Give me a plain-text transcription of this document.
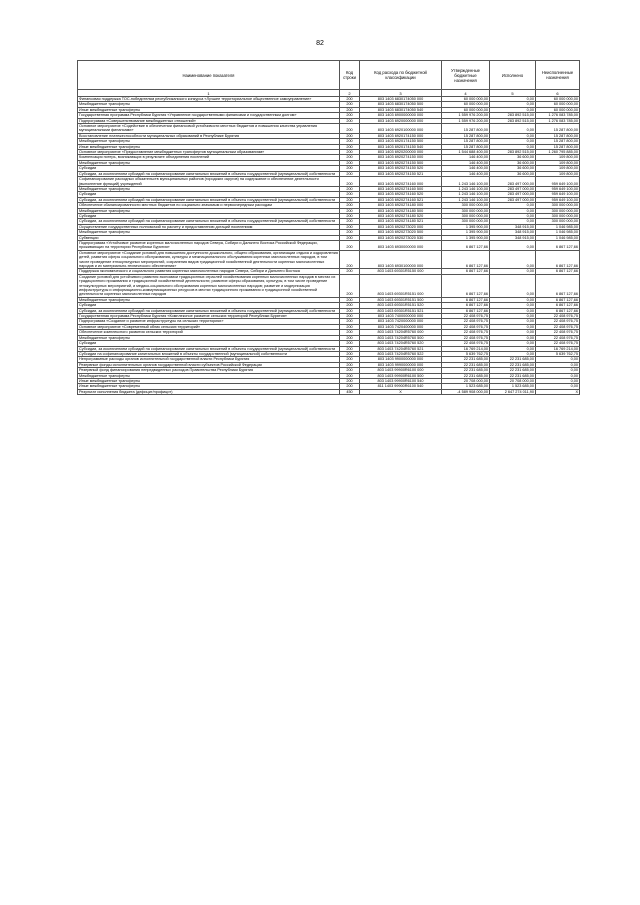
82
Наименование показателя	Код строки	Код расхода по бюджетной классификации	Утвержденные бюджетные назначения	Исполнено	Неисполненные назначения
1	2	3	4	5	6
Финансовая поддержка ТОС-победителям республиканского конкурса «Лучшее территориальное общественное самоуправление»	200	803 1403 6830174050 000	60 000 000,00	0,00	60 000 000,00
Межбюджетные трансферты	200	803 1403 6830174050 500	60 000 000,00	0,00	60 000 000,00
Иные межбюджетные трансферты	200	803 1403 6830174050 540	60 000 000,00	0,00	60 000 000,00
Государственная программа Республики Бурятия «Управление государственными финансами и государственным долгом»	200	803 1403 6900000000 000	1 559 976 200,00	283 892 515,00	1 276 083 785,00
Подпрограмма «Совершенствование межбюджетных отношений»	200	803 1403 6920000000 000	1 559 976 200,00	283 892 515,00	1 276 083 785,00
Основное мероприятие «Содействие в обеспечении финансовой устойчивости местных бюджетов и повышения качества управления муниципальными финансами»	200	803 1403 6920100000 000	15 287 800,00	0,00	15 287 800,00
Восстановление платежеспособности муниципальных образований в Республике Бурятия	200	803 1403 6920174150 000	15 287 800,00	0,00	15 287 800,00
Межбюджетные трансферты	200	803 1403 6920174150 500	15 287 800,00	0,00	15 287 800,00
Иные межбюджетные трансферты	200	803 1403 6920174150 540	15 287 800,00	0,00	15 287 800,00
Основное мероприятие «Предоставление межбюджетных трансфертов муниципальным образованиям»	200	803 1403 6920200000 000	1 544 688 400,00	283 892 515,00	1 260 795 885,00
Компенсация потерь, возникающих в результате объединения поселений	200	803 1403 6920274150 000	146 400,00	36 600,00	109 800,00
Межбюджетные трансферты	200	803 1403 6920274150 500	146 400,00	36 600,00	109 800,00
Субсидии	200	803 1403 6920274150 520	146 400,00	36 600,00	109 800,00
Субсидии, за исключением субсидий на софинансирование капитальных вложений в объекты государственной (муниципальной) собственности	200	803 1403 6920274150 521	146 400,00	36 600,00	109 800,00
Софинансирование расходных обязательств муниципальных районов (городских округов) на содержание и обеспечение деятельности (выполнение функций) учреждений	200	803 1403 6920274160 000	1 243 146 100,00	283 497 000,00	959 649 100,00
Межбюджетные трансферты	200	803 1403 6920274160 500	1 243 146 100,00	283 497 000,00	959 649 100,00
Субсидии	200	803 1403 6920274160 520	1 243 146 100,00	283 497 000,00	959 649 100,00
Субсидии, за исключением субсидий на софинансирование капитальных вложений в объекты государственной (муниципальной) собственности	200	803 1403 6920274160 521	1 243 146 100,00	283 497 000,00	959 649 100,00
Обеспечение сбалансированности местных бюджетов по социально значимым и первоочередным расходам	200	803 1403 6920274180 000	300 000 000,00	0,00	300 000 000,00
Межбюджетные трансферты	200	803 1403 6920274180 500	300 000 000,00	0,00	300 000 000,00
Субсидии	200	803 1403 6920274180 520	300 000 000,00	0,00	300 000 000,00
Субсидии, за исключением субсидий на софинансирование капитальных вложений в объекты государственной (муниципальной) собственности	200	803 1403 6920274180 521	300 000 000,00	0,00	300 000 000,00
Осуществление государственных полномочий по расчету и предоставлению дотаций поселениям	200	803 1403 6920273020 000	1 395 900,00	348 915,00	1 046 985,00
Межбюджетные трансферты	200	803 1403 6920273020 500	1 395 900,00	348 915,00	1 046 985,00
Субвенции	200	803 1403 6920273020 530	1 395 900,00	348 915,00	1 046 985,00
Подпрограмма «Устойчивое развитие коренных малочисленных народов Севера, Сибири и Дальнего Востока Российской Федерации, проживающих на территории Республики Бурятия»	200	803 1403 6930000000 000	6 867 127,66	0,00	6 867 127,66
Основное мероприятие «Создание условий для повышения доступности дошкольного, общего образования, организации отдыха и оздоровления детей, развития сферы социального обслуживания, культуры и межнационального обслуживания коренных малочисленных народов, в том числе проведение этнокультурных мероприятий, сохранения видов традиционной хозяйственной деятельности коренных малочисленных народов и их материально-технического обеспечения»	200	803 1403 6930100000 000	6 867 127,66	0,00	6 867 127,66
Поддержка экономического и социального развития коренных малочисленных народов Севера, Сибири и Дальнего Востока	200	803 1403 69301R5150 000	6 867 127,66	0,00	6 867 127,66
Создание условий для устойчивого развития экономики традиционных отраслей хозяйствования коренных малочисленных народов в местах их традиционного проживания и традиционной хозяйственной деятельности; развитие сферы образования, культуры, в том числе проведение этнокультурных мероприятий, и медико-социального обслуживания коренных малочисленных народов; развитие и модернизация инфраструктуры и информационно-коммуникационных ресурсов в местах традиционного проживания и традиционной хозяйственной деятельности коренных малочисленных народов	200	803 1403 69301R5151 000	6 867 127,66	0,00	6 867 127,66
Межбюджетные трансферты	200	803 1403 69301R5151 500	6 867 127,66	0,00	6 867 127,66
Субсидии	200	803 1403 69301R5151 520	6 867 127,66	0,00	6 867 127,66
Субсидии, за исключением субсидий на софинансирование капитальных вложений в объекты государственной (муниципальной) собственности	200	803 1403 69301R5151 521	6 867 127,66	0,00	6 867 127,66
Государственная программа Республики Бурятия «Комплексное развитие сельских территорий Республики Бурятия»	200	803 1403 7400000000 000	22 408 976,75	0,00	22 408 976,75
Подпрограмма «Создание и развитие инфраструктуры на сельских территориях»	200	803 1403 7420000000 000	22 408 976,75	0,00	22 408 976,75
Основное мероприятие «Современный облик сельских территорий»	200	803 1403 7420400000 000	22 408 976,75	0,00	22 408 976,75
Обеспечение комплексного развития сельских территорий	200	803 1403 74204R5760 000	22 408 976,75	0,00	22 408 976,75
Межбюджетные трансферты	200	803 1403 74204R5760 500	22 408 976,75	0,00	22 408 976,75
Субсидии	200	803 1403 74204R5760 520	22 408 976,75	0,00	22 408 976,75
Субсидии, за исключением субсидий на софинансирование капитальных вложений в объекты государственной (муниципальной) собственности	200	803 1403 74204R5760 521	16 769 214,00	0,00	16 769 214,00
Субсидии на софинансирование капитальных вложений в объекты государственной (муниципальной) собственности	200	803 1403 74204R5760 522	5 639 762,75	0,00	5 639 762,75
Непрограммные расходы органов исполнительной государственной власти Республики Бурятия	200	803 1403 9900000000 000	22 231 685,00	22 231 685,00	0,00
Резервные фонды исполнительных органов государственной власти субъектов Российской Федерации	200	803 1403 9990000000 000	22 231 685,00	22 231 685,00	0,00
Резервный фонд финансирования непредвиденных расходов Правительства Республики Бурятия	200	803 1403 99900R6100 000	22 231 685,00	22 231 685,00	0,00
Межбюджетные трансферты	200	803 1403 99900R6100 500	22 231 685,00	22 231 685,00	0,00
Иные межбюджетные трансферты	200	803 1403 99900R6100 540	20 708 000,00	20 708 000,00	0,00
Иные межбюджетные трансферты	200	811 1403 99900R6100 540	1 523 685,00	1 523 685,00	0,00
Результат исполнения бюджета (дефицит/профицит)	450	X	-4 589 908 000,00	2 647 274 011,90	X
